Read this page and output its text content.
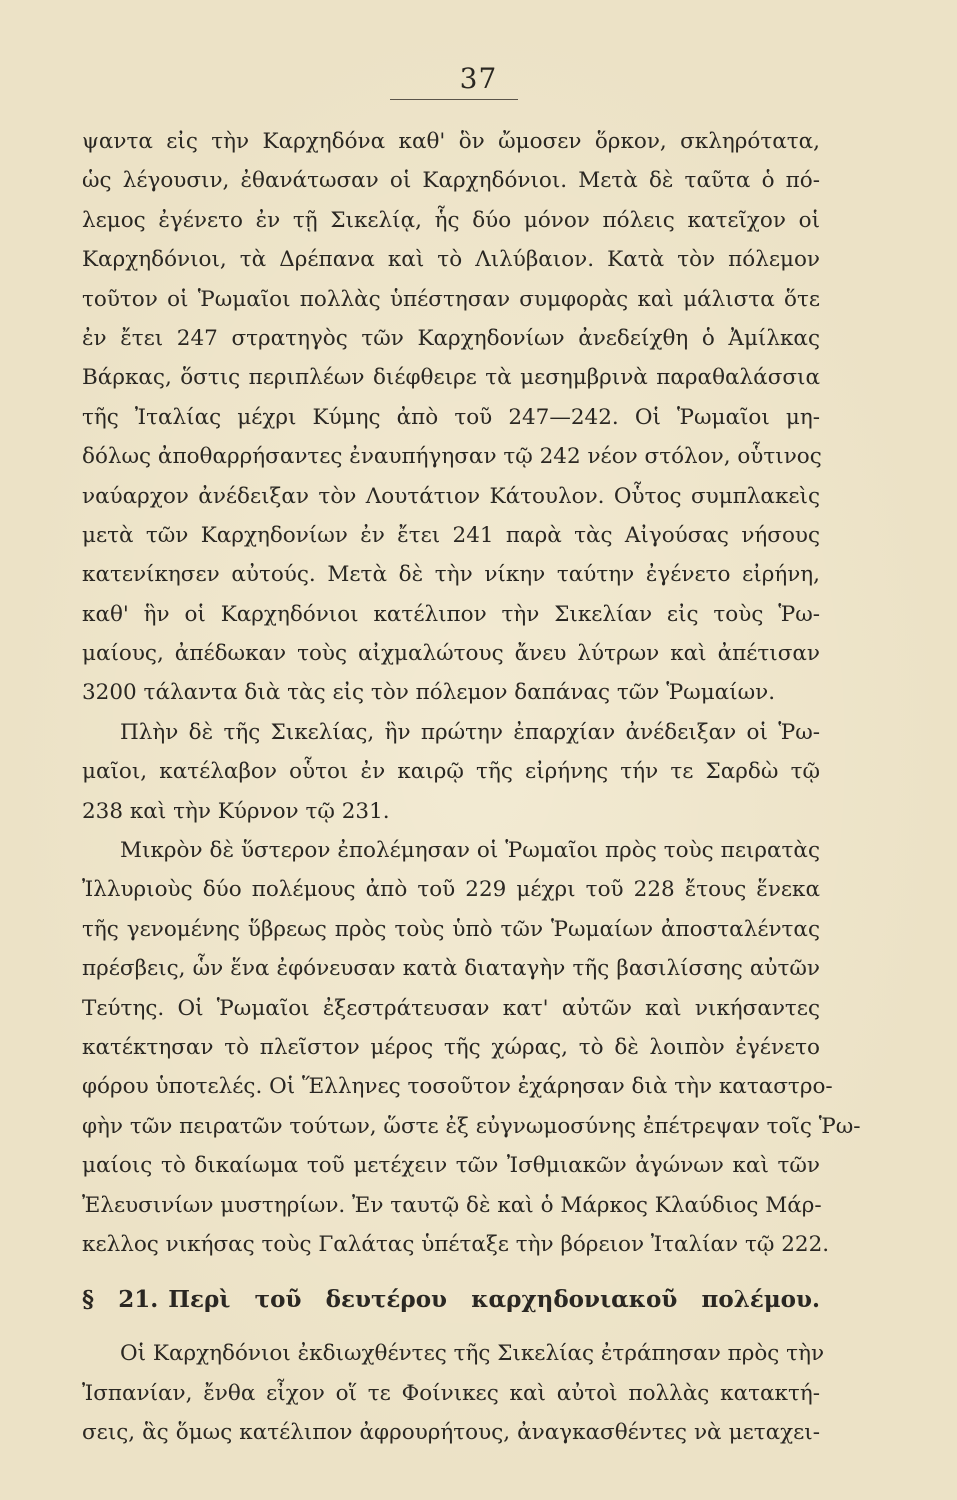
37
ψαντα εἰς τὴν Καρχηδόνα καθ' ὃν ὤμοσεν ὅρκον, σκληρότατα,
ὡς λέγουσιν, ἐθανάτωσαν οἱ Καρχηδόνιοι. Μετὰ δὲ ταῦτα ὁ πό-
λεμος ἐγένετο ἐν τῇ Σικελίᾳ, ἧς δύο μόνον πόλεις κατεῖχον οἱ
Καρχηδόνιοι, τὰ Δρέπανα καὶ τὸ Λιλύβαιον. Κατὰ τὸν πόλεμον
τοῦτον οἱ Ῥωμαῖοι πολλὰς ὑπέστησαν συμφορὰς καὶ μάλιστα ὅτε
ἐν ἔτει 247 στρατηγὸς τῶν Καρχηδονίων ἀνεδείχθη ὁ Ἀμίλκας
Βάρκας, ὅστις περιπλέων διέφθειρε τὰ μεσημβρινὰ παραθαλάσσια
τῆς Ἰταλίας μέχρι Κύμης ἀπὸ τοῦ 247—242. Οἱ Ῥωμαῖοι μη-
δόλως ἀποθαρρήσαντες ἐναυπήγησαν τῷ 242 νέον στόλον, οὗτινος
ναύαρχον ἀνέδειξαν τὸν Λουτάτιον Κάτουλον. Οὗτος συμπλακεὶς
μετὰ τῶν Καρχηδονίων ἐν ἔτει 241 παρὰ τὰς Αἰγούσας νήσους
κατενίκησεν αὐτούς. Μετὰ δὲ τὴν νίκην ταύτην ἐγένετο εἰρήνη,
καθ' ἣν οἱ Καρχηδόνιοι κατέλιπον τὴν Σικελίαν εἰς τοὺς Ῥω-
μαίους, ἀπέδωκαν τοὺς αἰχμαλώτους ἄνευ λύτρων καὶ ἀπέτισαν
3200 τάλαντα διὰ τὰς εἰς τὸν πόλεμον δαπάνας τῶν Ῥωμαίων.
Πλὴν δὲ τῆς Σικελίας, ἣν πρώτην ἐπαρχίαν ἀνέδειξαν οἱ Ῥω-
μαῖοι, κατέλαβον οὗτοι ἐν καιρῷ τῆς εἰρήνης τήν τε Σαρδὼ τῷ
238 καὶ τὴν Κύρνον τῷ 231.
Μικρὸν δὲ ὕστερον ἐπολέμησαν οἱ Ῥωμαῖοι πρὸς τοὺς πειρατὰς
Ἰλλυριοὺς δύο πολέμους ἀπὸ τοῦ 229 μέχρι τοῦ 228 ἔτους ἕνεκα
τῆς γενομένης ὕβρεως πρὸς τοὺς ὑπὸ τῶν Ῥωμαίων ἀποσταλέντας
πρέσβεις, ὧν ἕνα ἐφόνευσαν κατὰ διαταγὴν τῆς βασιλίσσης αὐτῶν
Τεύτης. Οἱ Ῥωμαῖοι ἐξεστράτευσαν κατ' αὐτῶν καὶ νικήσαντες
κατέκτησαν τὸ πλεῖστον μέρος τῆς χώρας, τὸ δὲ λοιπὸν ἐγένετο
φόρου ὑποτελές. Οἱ Ἕλληνες τοσοῦτον ἐχάρησαν διὰ τὴν καταστρο-
φὴν τῶν πειρατῶν τούτων, ὥστε ἐξ εὐγνωμοσύνης ἐπέτρεψαν τοῖς Ῥω-
μαίοις τὸ δικαίωμα τοῦ μετέχειν τῶν Ἰσθμιακῶν ἀγώνων καὶ τῶν
Ἐλευσινίων μυστηρίων. Ἐν ταυτῷ δὲ καὶ ὁ Μάρκος Κλαύδιος Μάρ-
κελλος νικήσας τοὺς Γαλάτας ὑπέταξε τὴν βόρειον Ἰταλίαν τῷ 222.
§ 21. Περὶ τοῦ δευτέρου καρχηδονιακοῦ πολέμου.
Οἱ Καρχηδόνιοι ἐκδιωχθέντες τῆς Σικελίας ἐτράπησαν πρὸς τὴν
Ἰσπανίαν, ἔνθα εἶχον οἵ τε Φοίνικες καὶ αὐτοὶ πολλὰς κατακτή-
σεις, ἃς ὅμως κατέλιπον ἀφρουρήτους, ἀναγκασθέντες νὰ μεταχει-
